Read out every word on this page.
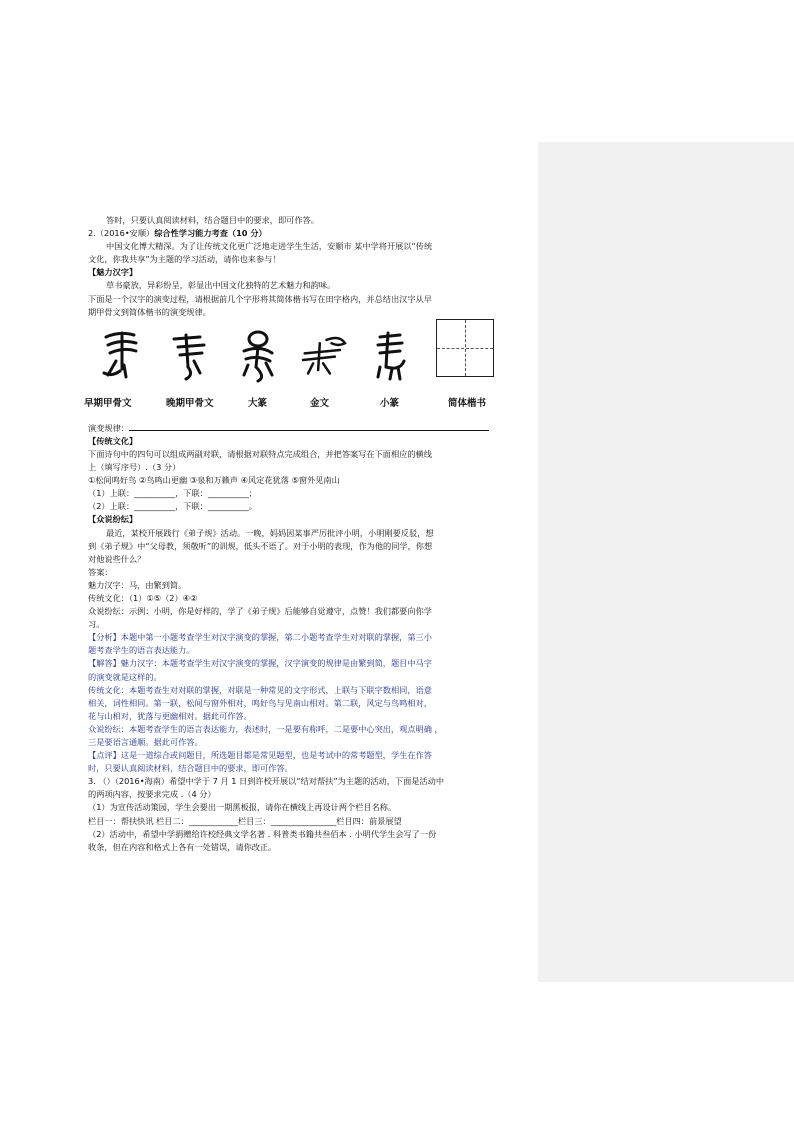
答时，只要认真阅读材料，结合题目中的要求，即可作答。
2.（2016•安顺）综合性学习能力考查（10 分）
中国文化博大精深。为了让传统文化更广泛地走进学生生活，安顺市 某中学将开展以“传统
文化，你我共享”为主题的学习活动，请你也来参与！
【魅力汉字】
草书豪放，异彩纷呈，彰显出中国文化独特的艺术魅力和韵味。
下面是一个汉字的演变过程，请根据前几个字形将其简体楷书写在田字格内，并总结出汉字从早
期甲骨文到简体楷书的演变规律。
早期甲骨文	晚期甲骨文	大篆	金文	小篆	简体楷书
演变规律：
【传统文化】
下面诗句中的四句可以组成两副对联，请根据对联特点完成组合，并把答案写在下面相应的横线
上（填写序号）.（3 分）
①松间鸣好鸟 ②鸟鸣山更幽 ③泉和万籁声 ④风定花犹落 ⑤窗外见南山
（1）上联：__________，下联：__________；
（2）上联：__________，下联：__________。
【众说纷纭】
最近，某校开展践行《弟子规》活动。一晚，妈妈因某事严厉批评小明，小明刚要反驳，想
到《弟子规》中“父母教，须敬听”的训规，低头不语了。对于小明的表现，作为他的同学，你想
对他说些什么？
答案：
魅力汉字：马，由繁到简。
传统文化：（1）①⑤（2）④②
众说纷纭：示例：小明，你是好样的，学了《弟子规》后能够自觉遵守，点赞！我们都要向你学
习。
【分析】本题中第一小题考查学生对汉字演变的掌握，第二小题考查学生对对联的掌握，第三小
题考查学生的语言表达能力。
【解答】魅力汉字：本题考查学生对汉字演变的掌握，汉字演变的规律是由繁到简，题目中马字
的演变就是这样的。
传统文化：本题考查生对对联的掌握，对联是一种常见的文字形式，上联与下联字数相同，语意
相关，词性相同。第一联，松间与窗外相对，鸣好鸟与见南山相对。第二联，风定与鸟鸣相对，
花与山相对，犹落与更幽相对。据此可作答。
众说纷纭：本题考查学生的语言表达能力，表述时，一是要有称呼，二是要中心突出，观点明确 ，
三是要语言通顺。据此可作答。
【点评】这是一道综合或问题目，所选题目都是常见题型，也是考试中的常考题型，学生在作答
时，只要认真阅读材料，结合题目中的要求，即可作答。
3. （）（2016•海南）希望中学于 7 月 1 日到许校开展以“结对帮扶”为主题的活动，下面是活动中
的两项内容，按要求完成 .（4 分）
（1）为宣传活动策园，学生会要出一期黑板报，请你在横线上再设计两个栏目名称。
栏目一：帮扶快讯 栏目二：____________栏目三：________________栏目四：前景展望
（2）活动中，希望中学捐赠给许校经典文学名著 . 科普类书籍共叁佰本 . 小明代学生会写了一份
收条，但在内容和格式上各有一处错误，请你改正。
